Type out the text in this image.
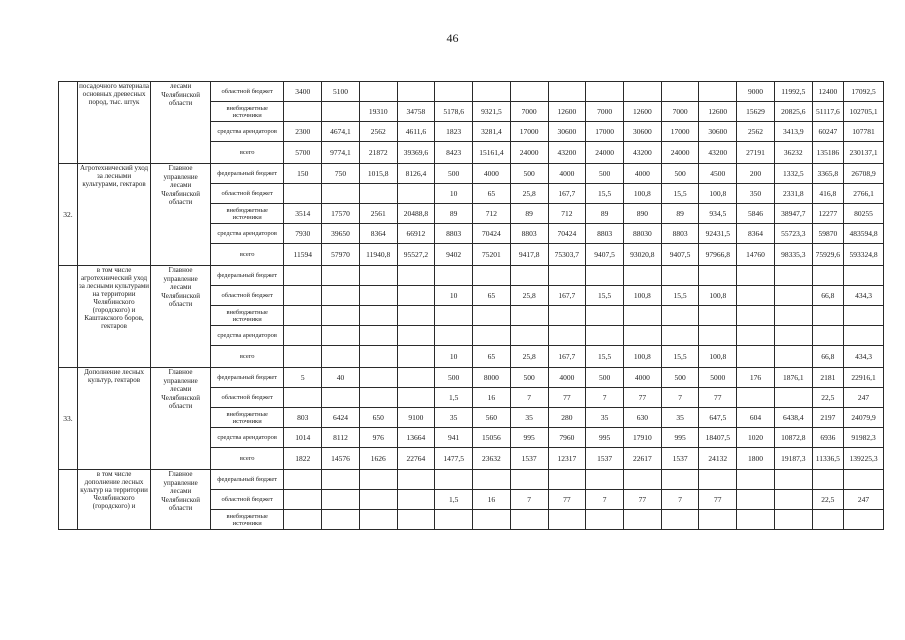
46
	посадочного материала основных древесных пород, тыс. штук	лесами Челябинской области	областной бюджет	3400	5100											9000	11992,5	12400	17092,5
			внебюджетные источники			19310	34758	5178,6	9321,5	7000	12600	7000	12600	7000	12600	15629	20825,6	51117,6	102705,1
			средства арендаторов	2300	4674,1	2562	4611,6	1823	3281,4	17000	30600	17000	30600	17000	30600	2562	3413,9	60247	107781
			всего	5700	9774,1	21872	39369,6	8423	15161,4	24000	43200	24000	43200	24000	43200	27191	36232	135186	230137,1
32.	Агротехнический уход за лесными культурами, гектаров	Главное управление лесами Челябинской области	федеральный бюджет	150	750	1015,8	8126,4	500	4000	500	4000	500	4000	500	4500	200	1332,5	3365,8	26708,9
			областной бюджет					10	65	25,8	167,7	15,5	100,8	15,5	100,8	350	2331,8	416,8	2766,1
			внебюджетные источники	3514	17570	2561	20488,8	89	712	89	712	89	890	89	934,5	5846	38947,7	12277	80255
			средства арендаторов	7930	39650	8364	66912	8803	70424	8803	70424	8803	88030	8803	92431,5	8364	55723,3	59870	483594,8
			всего	11594	57970	11940,8	95527,2	9402	75201	9417,8	75303,7	9407,5	93020,8	9407,5	97966,8	14760	98335,3	75929,6	593324,8
	в том числе агротехнический уход за лесными культурами на территории Челябинского (городского) и Каштакского боров, гектаров	Главное управление лесами Челябинской области	федеральный бюджет																
			областной бюджет					10	65	25,8	167,7	15,5	100,8	15,5	100,8			66,8	434,3
			внебюджетные источники																
			средства арендаторов																
			всего					10	65	25,8	167,7	15,5	100,8	15,5	100,8			66,8	434,3
33.	Дополнение лесных культур, гектаров	Главное управление лесами Челябинской области	федеральный бюджет	5	40			500	8000	500	4000	500	4000	500	5000	176	1876,1	2181	22916,1
			областной бюджет					1,5	16	7	77	7	77	7	77			22,5	247
			внебюджетные источники	803	6424	650	9100	35	560	35	280	35	630	35	647,5	604	6438,4	2197	24079,9
			средства арендаторов	1014	8112	976	13664	941	15056	995	7960	995	17910	995	18407,5	1020	10872,8	6936	91982,3
			всего	1822	14576	1626	22764	1477,5	23632	1537	12317	1537	22617	1537	24132	1800	19187,3	11336,5	139225,3
	в том числе дополнение лесных культур на территории Челябинского (городского) и	Главное управление лесами Челябинской области	федеральный бюджет																
			областной бюджет					1,5	16	7	77	7	77	7	77			22,5	247
			внебюджетные источники																
